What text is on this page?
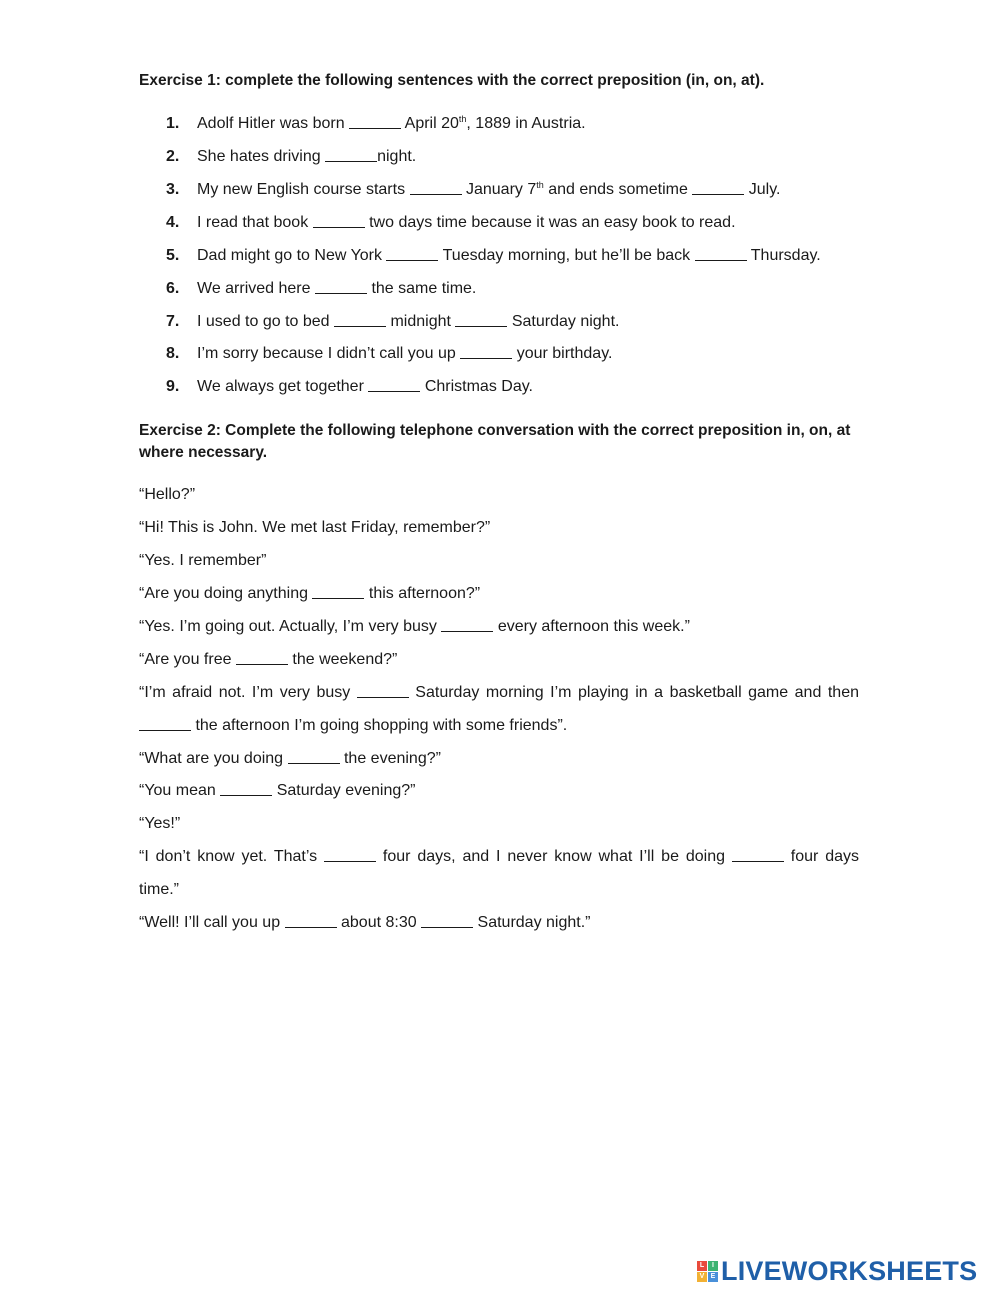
Exercise 1: complete the following sentences with the correct preposition (in, on, at).
1.	Adolf Hitler was born	April 20th, 1889 in Austria.
2.	She hates driving	night.
3.	My new English course starts	January 7th and ends sometime	July.
4.	I read that book	two days time because it was an easy book to read.
5.	Dad might go to New York	Tuesday morning, but he’ll be back	Thursday.
6.	We arrived here	the same time.
7.	I used to go to bed	midnight	Saturday night.
8.	I’m sorry because I didn’t call you up	your birthday.
9.	We always get together	Christmas Day.
Exercise 2: Complete the following telephone conversation with the correct preposition in, on, at where necessary.
“Hello?”
“Hi! This is John. We met last Friday, remember?”
“Yes. I remember”
“Are you doing anything	this afternoon?”
“Yes. I’m going out. Actually, I’m very busy	every afternoon this week.”
“Are you free	the weekend?”
“I’m afraid not. I’m very busy	Saturday morning I’m playing in a basketball game and then
the afternoon I’m going shopping with some friends”.
“What are you doing	the evening?”
“You mean	Saturday evening?”
“Yes!”
“I don’t know yet. That’s	four days, and I never know what I’ll be doing	four days
time.”
“Well! I’ll call you up	about 8:30	Saturday night.”
L	I
V E LIVEWORKSHEETS
